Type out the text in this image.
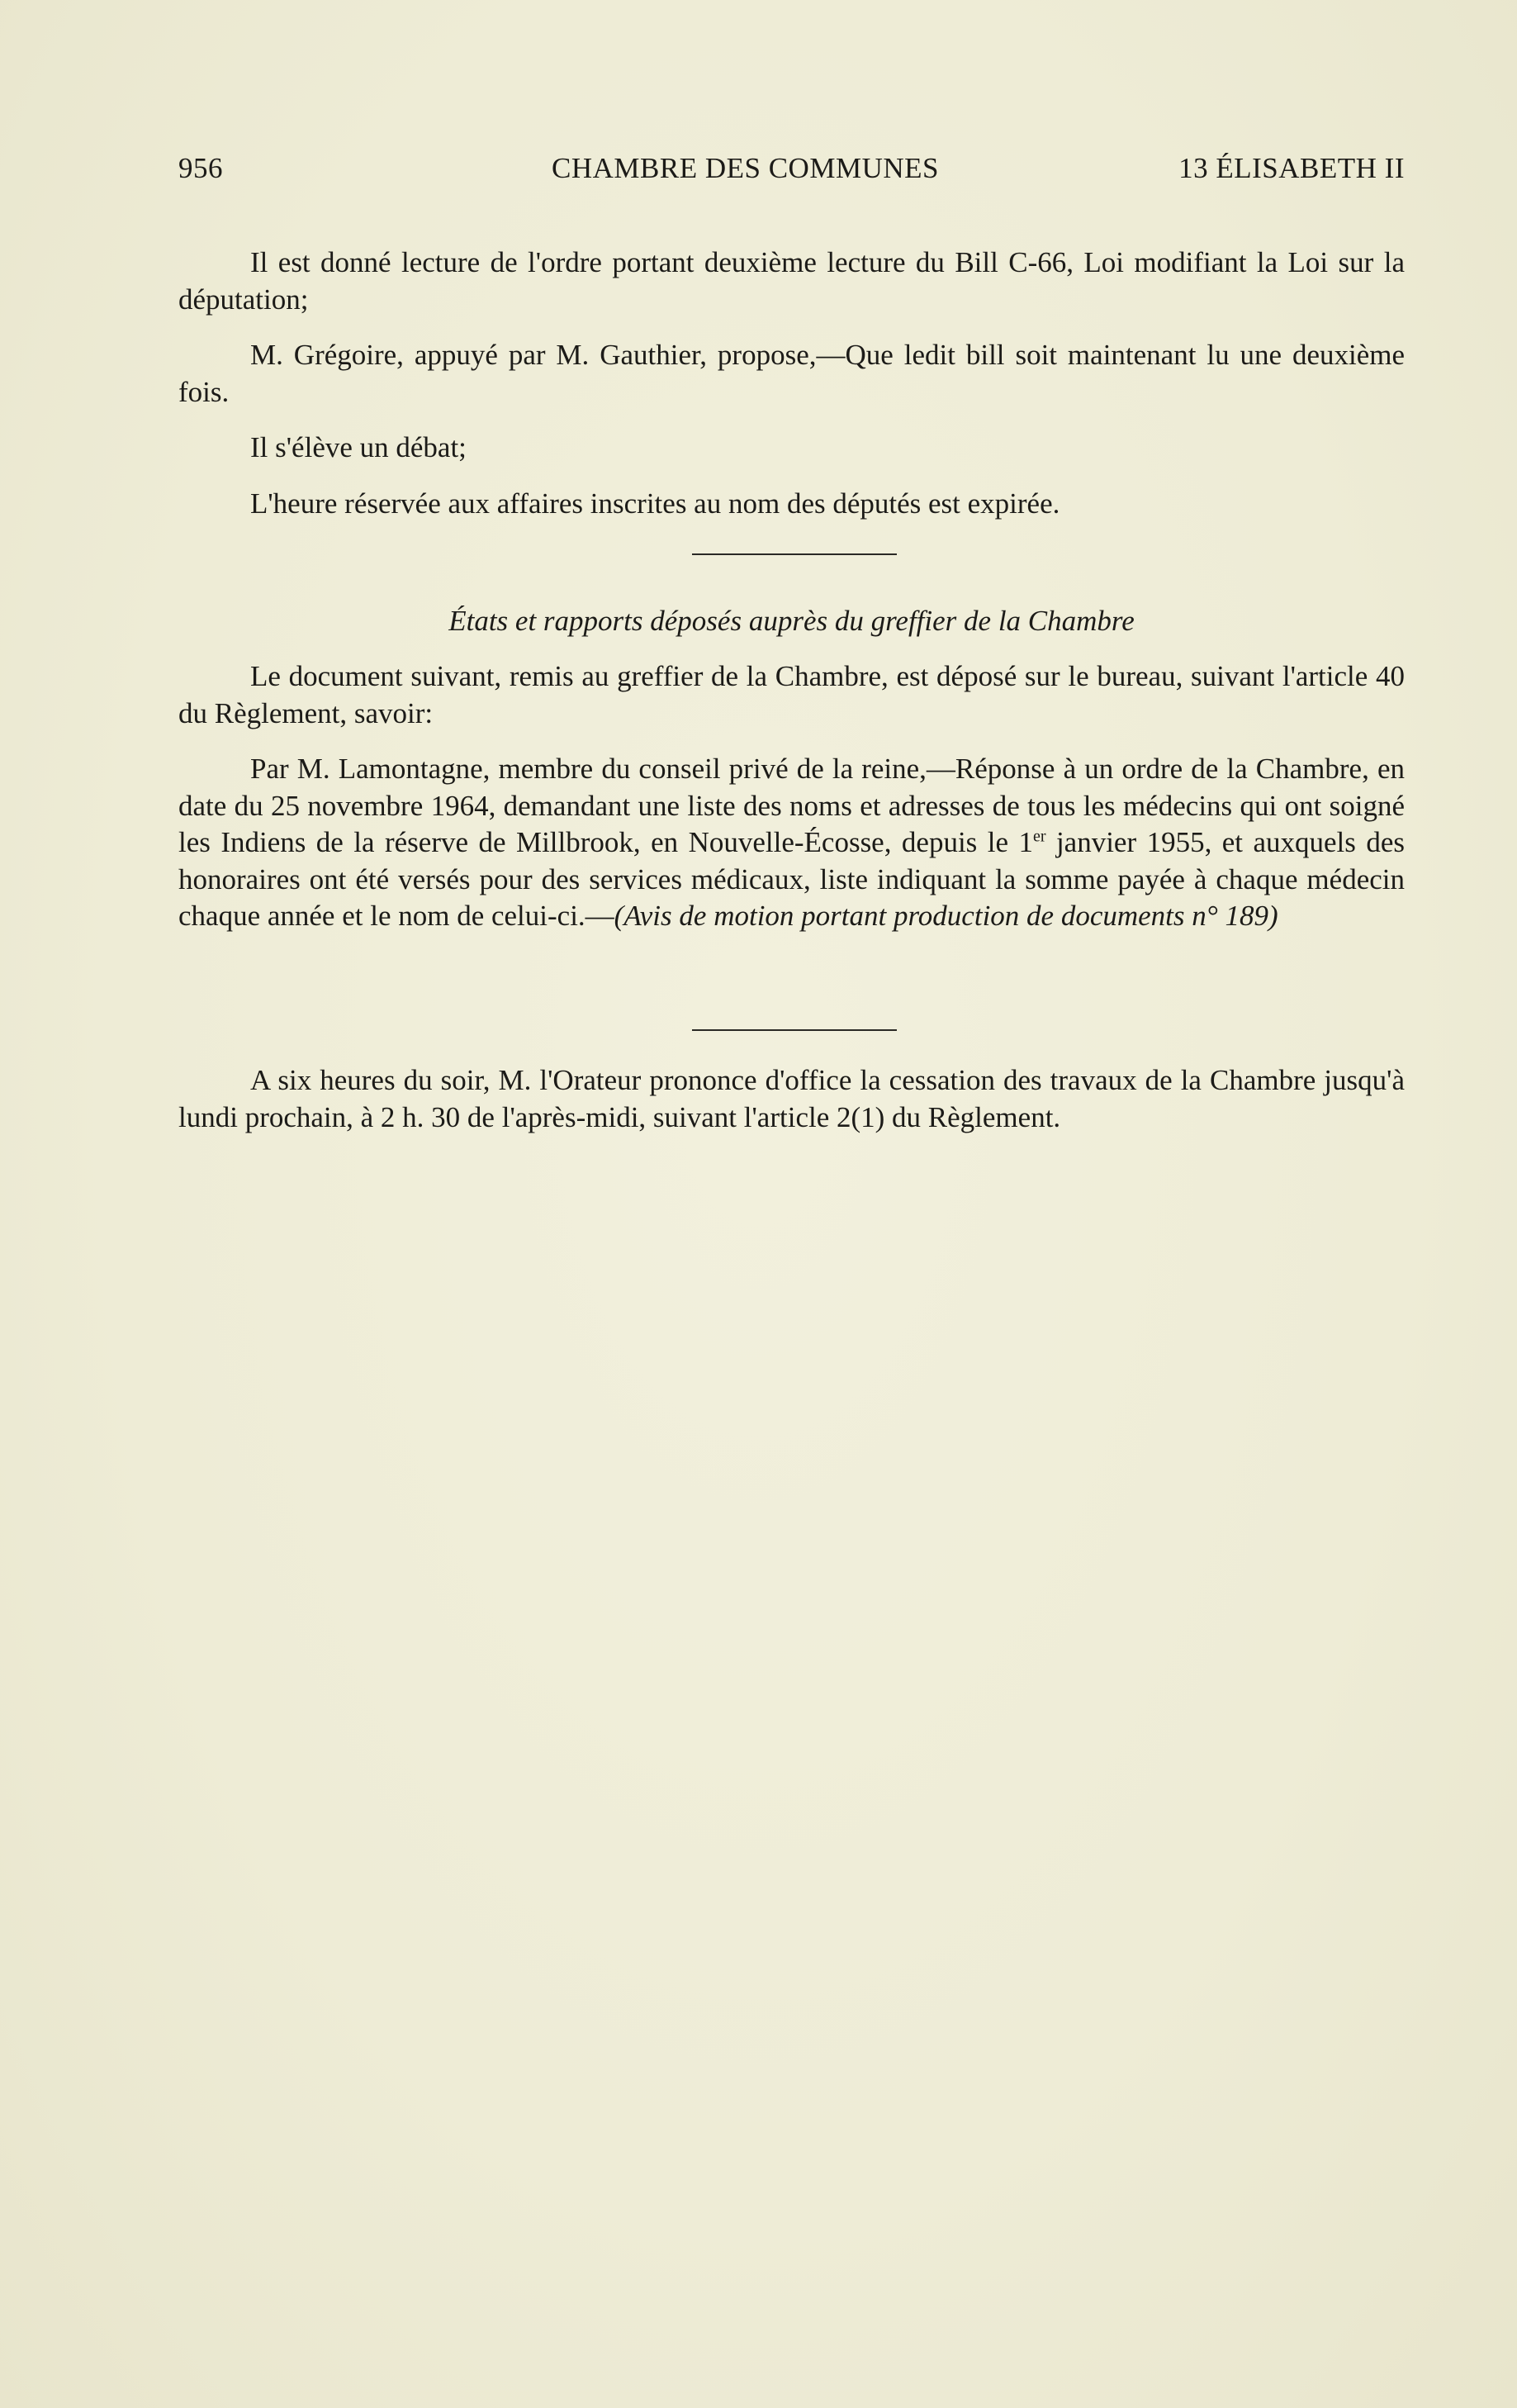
956	CHAMBRE DES COMMUNES	13 ÉLISABETH II

Il est donné lecture de l'ordre portant deuxième lecture du Bill C-66, Loi modifiant la Loi sur la députation;

M. Grégoire, appuyé par M. Gauthier, propose,—Que ledit bill soit maintenant lu une deuxième fois.

Il s'élève un débat;

L'heure réservée aux affaires inscrites au nom des députés est expirée.

États et rapports déposés auprès du greffier de la Chambre

Le document suivant, remis au greffier de la Chambre, est déposé sur le bureau, suivant l'article 40 du Règlement, savoir:

Par M. Lamontagne, membre du conseil privé de la reine,—Réponse à un ordre de la Chambre, en date du 25 novembre 1964, demandant une liste des noms et adresses de tous les médecins qui ont soigné les Indiens de la réserve de Millbrook, en Nouvelle-Écosse, depuis le 1er janvier 1955, et auxquels des honoraires ont été versés pour des services médicaux, liste indiquant la somme payée à chaque médecin chaque année et le nom de celui-ci.—(Avis de motion portant production de documents n° 189)

A six heures du soir, M. l'Orateur prononce d'office la cessation des travaux de la Chambre jusqu'à lundi prochain, à 2 h. 30 de l'après-midi, suivant l'article 2(1) du Règlement.
